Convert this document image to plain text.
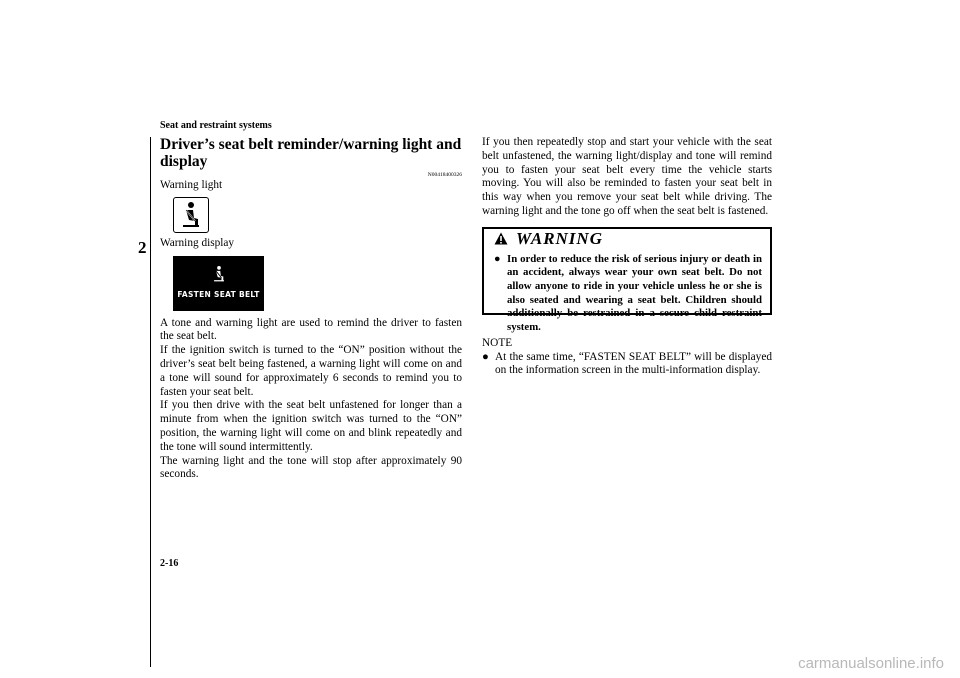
Seat and restraint systems
2
2-16
Driver’s seat belt reminder/warning light and display
N00418400326

Warning light

Warning display

FASTEN SEAT BELT

A tone and warning light are used to remind the driver to fasten the seat belt.

If the ignition switch is turned to the “ON” position without the driver’s seat belt being fastened, a warning light will come on and a tone will sound for approximately 6 seconds to remind you to fasten your seat belt.

If you then drive with the seat belt unfastened for longer than a minute from when the ignition switch was turned to the “ON” position, the warning light will come on and blink repeatedly and the tone will sound intermittently.

The warning light and the tone will stop after approximately 90 seconds.

If you then repeatedly stop and start your vehicle with the seat belt unfastened, the warning light/display and tone will remind you to fasten your seat belt every time the vehicle starts moving. You will also be reminded to fasten your seat belt in this way when you remove your seat belt while driving. The warning light and the tone go off when the seat belt is fastened.

WARNING
● In order to reduce the risk of serious injury or death in an accident, always wear your own seat belt. Do not allow anyone to ride in your vehicle unless he or she is also seated and wearing a seat belt. Children should additionally be restrained in a secure child restraint system.

NOTE

● At the same time, “FASTEN SEAT BELT” will be displayed on the information screen in the multi-information display.

carmanualsonline.info
